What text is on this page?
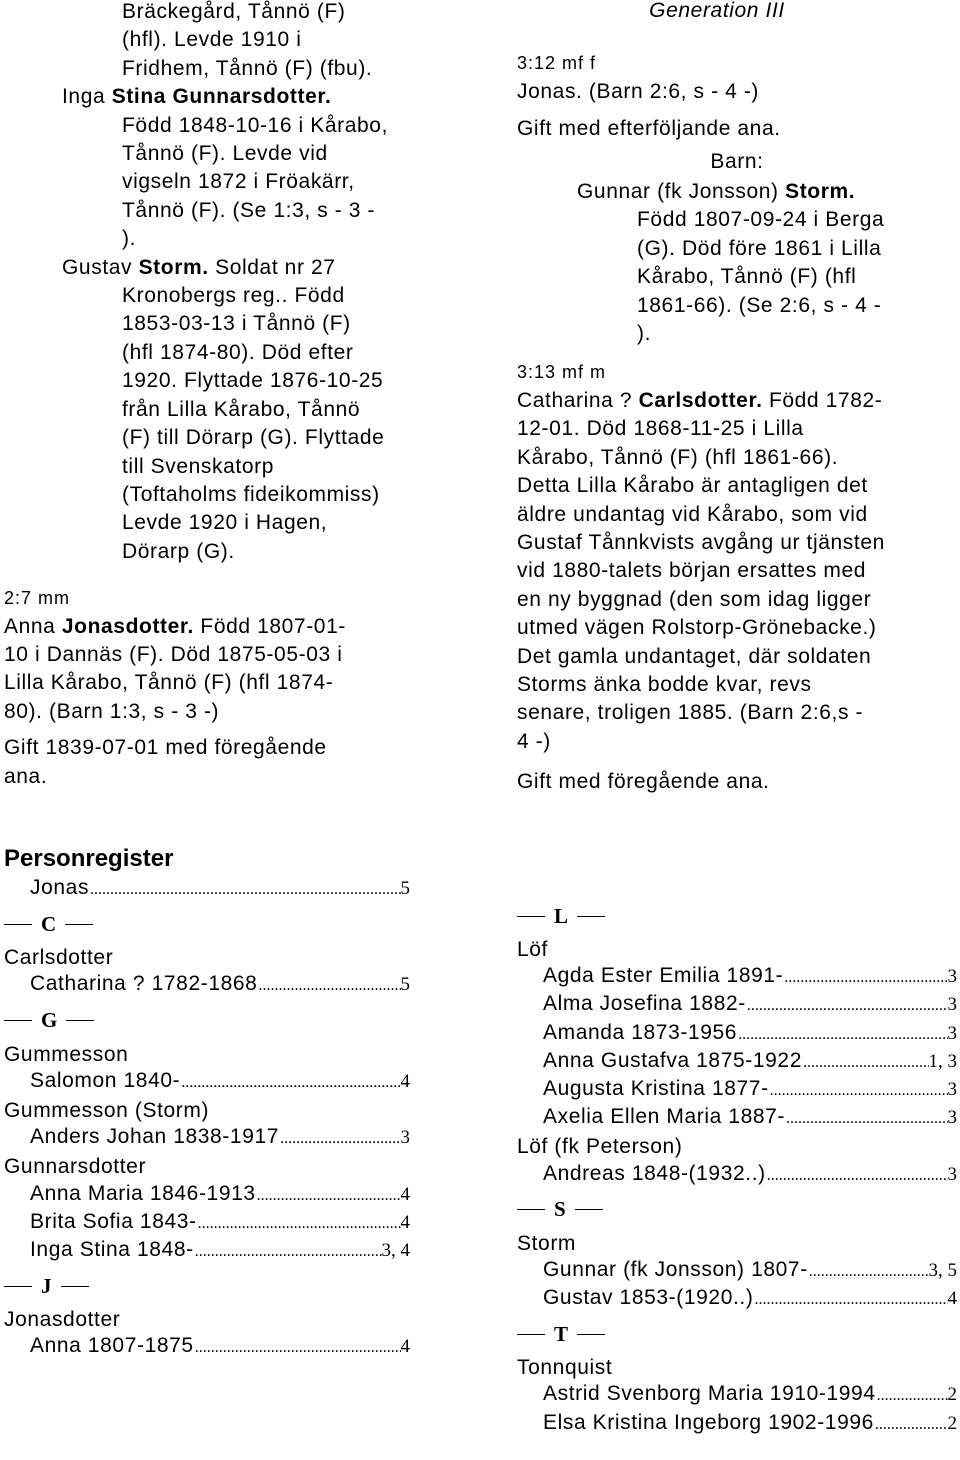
Bräckegård, Tånnö (F)

(hfl). Levde 1910 i

Fridhem, Tånnö (F) (fbu).

Inga Stina Gunnarsdotter.

Född 1848-10-16 i Kårabo,

Tånnö (F). Levde vid

vigseln 1872 i Fröakärr,

Tånnö (F). (Se 1:3, s - 3 -

).

Gustav Storm. Soldat nr 27

Kronobergs reg.. Född

1853-03-13 i Tånnö (F)

(hfl 1874-80). Död efter

1920. Flyttade 1876-10-25

från Lilla Kårabo, Tånnö

(F) till Dörarp (G). Flyttade

till Svenskatorp

(Toftaholms fideikommiss)

Levde 1920 i Hagen,

Dörarp (G).

2:7 mm

Anna Jonasdotter. Född 1807-01-

10 i Dannäs (F). Död 1875-05-03 i

Lilla Kårabo, Tånnö (F) (hfl 1874-

80). (Barn 1:3, s - 3 -)

Gift 1839-07-01 med föregående

ana.

Generation III

3:12 mf f

Jonas. (Barn 2:6, s - 4 -)

Gift med efterföljande ana.

Barn:

Gunnar (fk Jonsson) Storm.

Född 1807-09-24 i Berga

(G). Död före 1861 i Lilla

Kårabo, Tånnö (F) (hfl

1861-66). (Se 2:6, s - 4 -

).

3:13 mf m

Catharina ? Carlsdotter. Född 1782-

12-01. Död 1868-11-25 i Lilla

Kårabo, Tånnö (F) (hfl 1861-66).

Detta Lilla Kårabo är antagligen det

äldre undantag vid Kårabo, som vid

Gustaf Tånnkvists avgång ur tjänsten

vid 1880-talets början ersattes med

en ny byggnad (den som idag ligger

utmed vägen Rolstorp-Grönebacke.)

Det gamla undantaget, där soldaten

Storms änka bodde kvar, revs

senare, troligen 1885. (Barn 2:6,s -

4 -)

Gift med föregående ana.

Personregister

Jonas .....	5
C

Carlsdotter

Catharina ? 1782-1868 .....	5
G

Gummesson

Salomon 1840- .....	4

Gummesson (Storm)

Anders Johan 1838-1917 .....	3

Gunnarsdotter

Anna Maria 1846-1913 .....	4
Brita Sofia 1843- .....	4
Inga Stina 1848- .....	3, 4
J

Jonasdotter

Anna 1807-1875 .....	4
L

Löf

Agda Ester Emilia 1891- .....	3
Alma Josefina 1882- .....	3
Amanda 1873-1956 .....	3
Anna Gustafva 1875-1922 .....	1, 3
Augusta Kristina 1877- .....	3
Axelia Ellen Maria 1887- .....	3

Löf (fk Peterson)

Andreas 1848-(1932..) .....	3
S

Storm

Gunnar (fk Jonsson) 1807- .....	3, 5
Gustav 1853-(1920..) .....	4
T

Tonnquist

Astrid Svenborg Maria 1910-1994 .....	2
Elsa Kristina Ingeborg 1902-1996 .....	2
